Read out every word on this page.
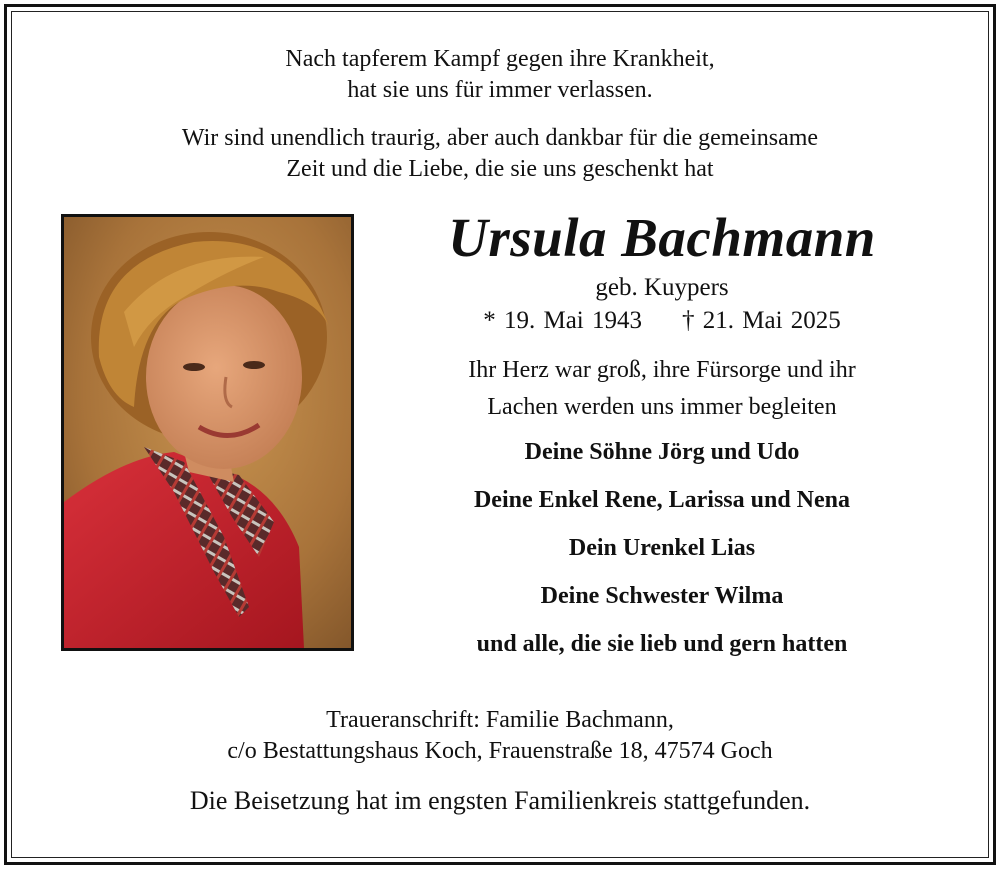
Nach tapferem Kampf gegen ihre Krankheit,
hat sie uns für immer verlassen.
Wir sind unendlich traurig, aber auch dankbar für die gemeinsame
Zeit und die Liebe, die sie uns geschenkt hat
Ursula Bachmann
geb. Kuypers
* 19. Mai 1943 † 21. Mai 2025
Ihr Herz war groß, ihre Fürsorge und ihr
Lachen werden uns immer begleiten
Deine Söhne Jörg und Udo
Deine Enkel Rene, Larissa und Nena
Dein Urenkel Lias
Deine Schwester Wilma
und alle, die sie lieb und gern hatten
Traueranschrift: Familie Bachmann,
c/o Bestattungshaus Koch, Frauenstraße 18, 47574 Goch
Die Beisetzung hat im engsten Familienkreis stattgefunden.
